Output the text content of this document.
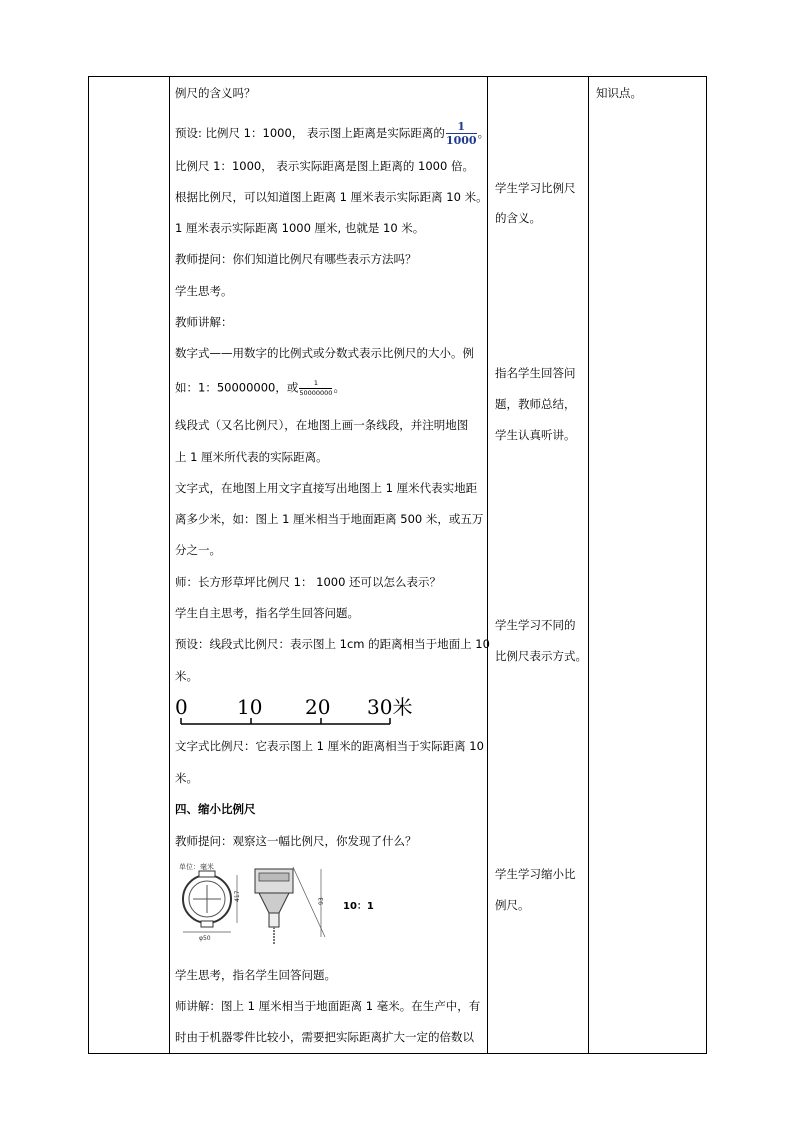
例尺的含义吗？
预设: 比例尺 1：1000， 表示图上距离是实际距离的 $\frac{1}{1000}$ 。
比例尺 1：1000， 表示实际距离是图上距离的 1000 倍。
根据比例尺，可以知道图上距离 1 厘米表示实际距离 10 米。
1 厘米表示实际距离 1000 厘米, 也就是 10 米。
教师提问：你们知道比例尺有哪些表示方法吗？
学生思考。
教师讲解：
数字式——用数字的比例式或分数式表示比例尺的大小。例
如：1：50000000，或 $\frac{1}{50000000}$ 。
线段式（又名比例尺），在地图上画一条线段，并注明地图
上 1 厘米所代表的实际距离。
文字式，在地图上用文字直接写出地图上 1 厘米代表实地距
离多少米，如：图上 1 厘米相当于地面距离 500 米，或五万
分之一。
师：长方形草坪比例尺 1： 1000 还可以怎么表示？
学生自主思考，指名学生回答问题。
预设：线段式比例尺：表示图上 1cm 的距离相当于地面上 10
米。
0 10 20 30米
文字式比例尺：它表示图上 1 厘米的距离相当于实际距离 10
米。
四、缩小比例尺
教师提问：观察这一幅比例尺，你发现了什么？
单位：毫米
417
φ50
93 10：1
学生思考，指名学生回答问题。
师讲解：图上 1 厘米相当于地面距离 1 毫米。在生产中，有
时由于机器零件比较小，需要把实际距离扩大一定的倍数以
学生学习比例尺
的含义。
指名学生回答问
题，教师总结，
学生认真听讲。
学生学习不同的
比例尺表示方式。
学生学习缩小比
例尺。
知识点。
